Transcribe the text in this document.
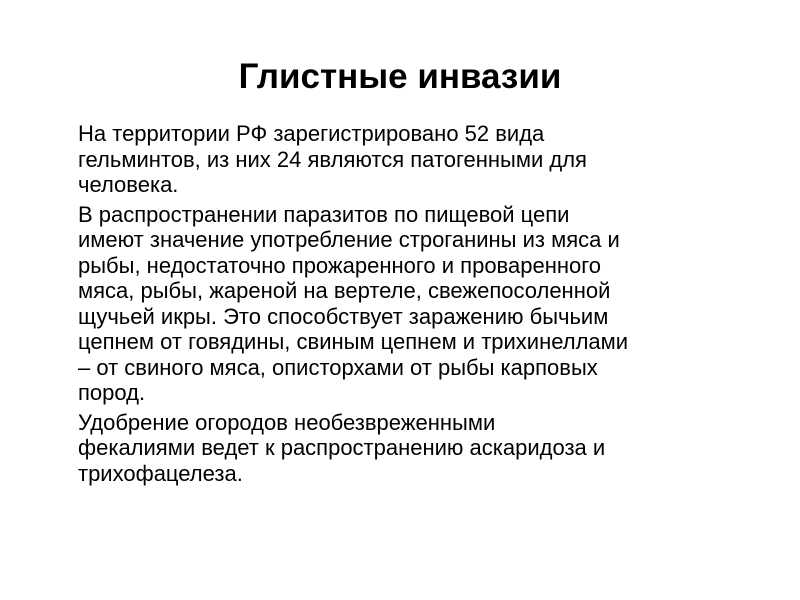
Глистные инвазии

На территории РФ зарегистрировано 52 вида
гельминтов, из них 24 являются патогенными для
человека.

В распространении паразитов по пищевой цепи
имеют значение употребление строганины из мяса и
рыбы, недостаточно прожаренного и проваренного
мяса, рыбы, жареной на вертеле, свежепосоленной
щучьей икры. Это способствует заражению бычьим
цепнем от говядины, свиным цепнем и трихинеллами
– от свиного мяса, описторхами от рыбы карповых
пород.

Удобрение огородов необезвреженными
фекалиями ведет к распространению аскаридоза и
трихофацелеза.
